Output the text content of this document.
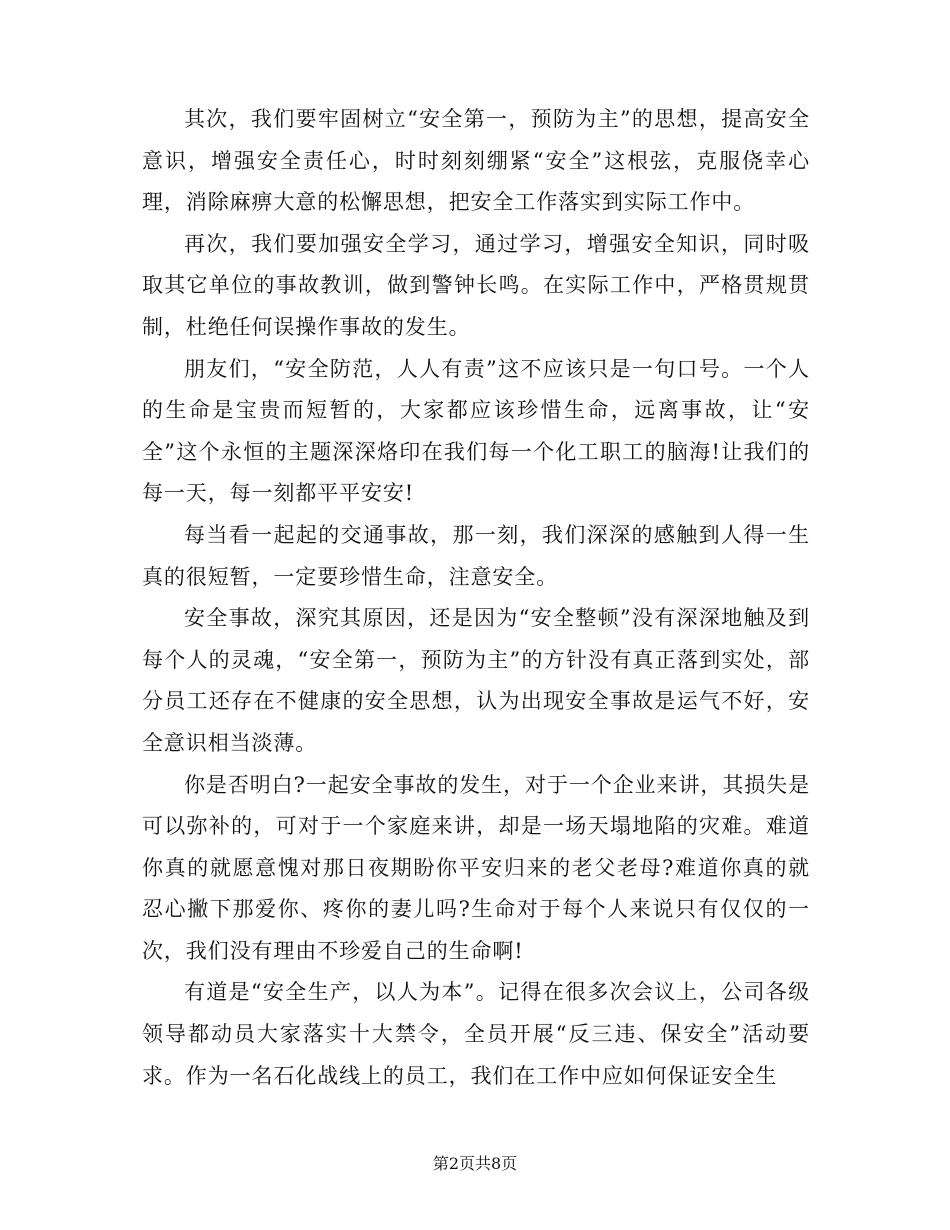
其次，我们要牢固树立“安全第一，预防为主”的思想，提高安全意识，增强安全责任心，时时刻刻绷紧“安全”这根弦，克服侥幸心理，消除麻痹大意的松懈思想，把安全工作落实到实际工作中。

再次，我们要加强安全学习，通过学习，增强安全知识，同时吸取其它单位的事故教训，做到警钟长鸣。在实际工作中，严格贯规贯制，杜绝任何误操作事故的发生。

朋友们，“安全防范，人人有责”这不应该只是一句口号。一个人的生命是宝贵而短暂的，大家都应该珍惜生命，远离事故，让“安全”这个永恒的主题深深烙印在我们每一个化工职工的脑海!让我们的每一天，每一刻都平平安安!

每当看一起起的交通事故，那一刻，我们深深的感触到人得一生真的很短暂，一定要珍惜生命，注意安全。

安全事故，深究其原因，还是因为“安全整顿”没有深深地触及到每个人的灵魂，“安全第一，预防为主”的方针没有真正落到实处，部分员工还存在不健康的安全思想，认为出现安全事故是运气不好，安全意识相当淡薄。

你是否明白?一起安全事故的发生，对于一个企业来讲，其损失是可以弥补的，可对于一个家庭来讲，却是一场天塌地陷的灾难。难道你真的就愿意愧对那日夜期盼你平安归来的老父老母?难道你真的就忍心撇下那爱你、疼你的妻儿吗?生命对于每个人来说只有仅仅的一次，我们没有理由不珍爱自己的生命啊!

有道是“安全生产，以人为本”。记得在很多次会议上，公司各级领导都动员大家落实十大禁令，全员开展“反三违、保安全”活动要求。作为一名石化战线上的员工，我们在工作中应如何保证安全生

第2页共8页
